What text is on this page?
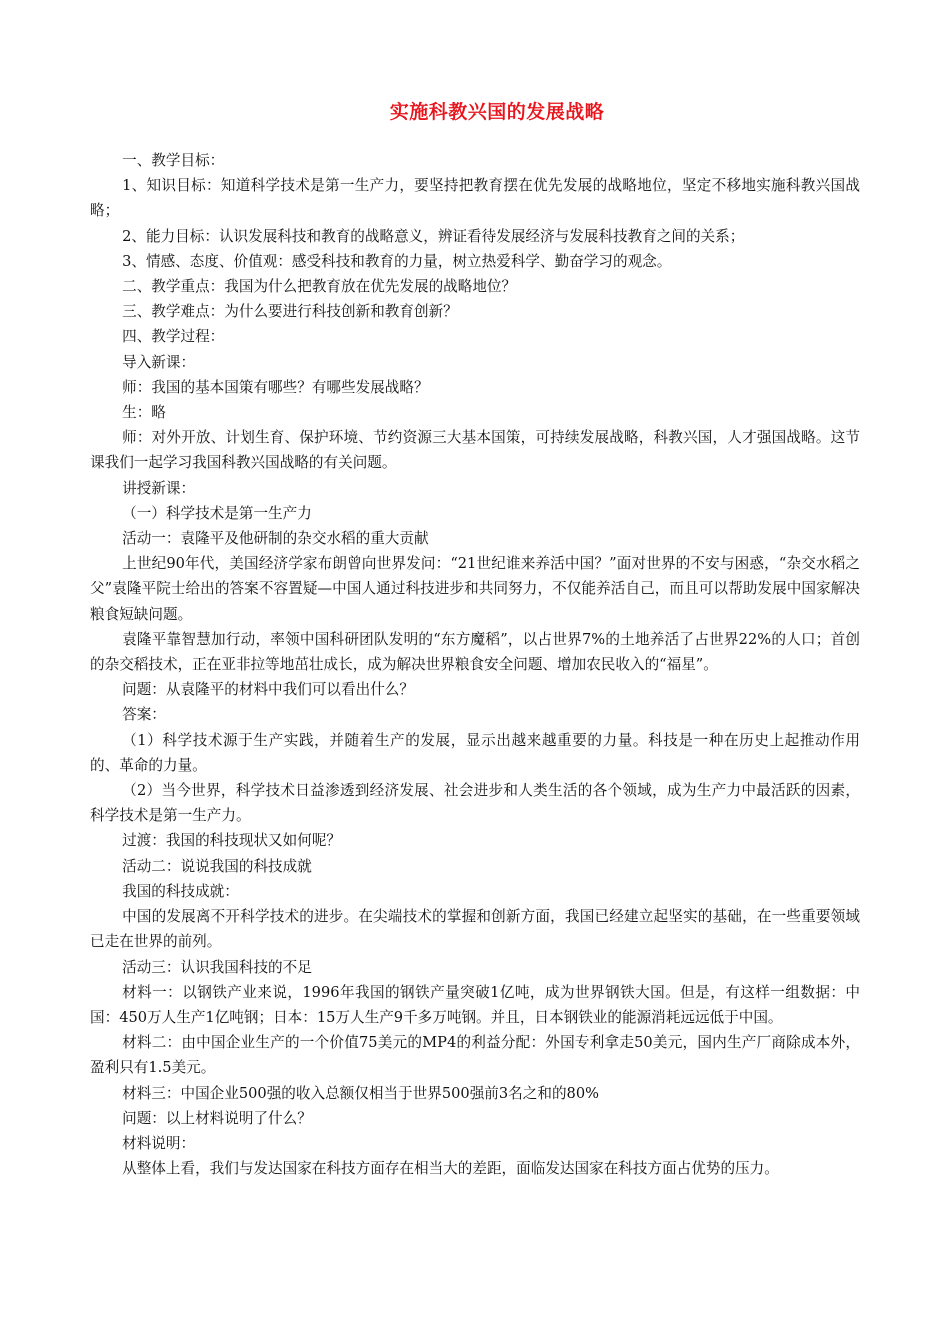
实施科教兴国的发展战略

一、教学目标：

1、知识目标：知道科学技术是第一生产力，要坚持把教育摆在优先发展的战略地位，坚定不移地实施科教兴国战略；

2、能力目标：认识发展科技和教育的战略意义，辨证看待发展经济与发展科技教育之间的关系；

3、情感、态度、价值观：感受科技和教育的力量，树立热爱科学、勤奋学习的观念。

二、教学重点：我国为什么把教育放在优先发展的战略地位？

三、教学难点：为什么要进行科技创新和教育创新？

四、教学过程：

导入新课：

师：我国的基本国策有哪些？有哪些发展战略？

生：略

师：对外开放、计划生育、保护环境、节约资源三大基本国策，可持续发展战略，科教兴国，人才强国战略。这节课我们一起学习我国科教兴国战略的有关问题。

讲授新课：

（一）科学技术是第一生产力

活动一：袁隆平及他研制的杂交水稻的重大贡献

上世纪90年代，美国经济学家布朗曾向世界发问：“21世纪谁来养活中国？”面对世界的不安与困惑，“杂交水稻之父”袁隆平院士给出的答案不容置疑—中国人通过科技进步和共同努力，不仅能养活自己，而且可以帮助发展中国家解决粮食短缺问题。

袁隆平靠智慧加行动，率领中国科研团队发明的“东方魔稻”，以占世界7%的土地养活了占世界22%的人口；首创的杂交稻技术，正在亚非拉等地茁壮成长，成为解决世界粮食安全问题、增加农民收入的“福星”。

问题：从袁隆平的材料中我们可以看出什么？

答案：

（1）科学技术源于生产实践，并随着生产的发展，显示出越来越重要的力量。科技是一种在历史上起推动作用的、革命的力量。

（2）当今世界，科学技术日益渗透到经济发展、社会进步和人类生活的各个领域，成为生产力中最活跃的因素，科学技术是第一生产力。

过渡：我国的科技现状又如何呢？

活动二：说说我国的科技成就

我国的科技成就：

中国的发展离不开科学技术的进步。在尖端技术的掌握和创新方面，我国已经建立起坚实的基础，在一些重要领域已走在世界的前列。

活动三：认识我国科技的不足

材料一：以钢铁产业来说，1996年我国的钢铁产量突破1亿吨，成为世界钢铁大国。但是，有这样一组数据：中国：450万人生产1亿吨钢；日本：15万人生产9千多万吨钢。并且，日本钢铁业的能源消耗远远低于中国。

材料二：由中国企业生产的一个价值75美元的MP4的利益分配：外国专利拿走50美元，国内生产厂商除成本外，盈利只有1.5美元。

材料三：中国企业500强的收入总额仅相当于世界500强前3名之和的80%

问题：以上材料说明了什么？

材料说明：

从整体上看，我们与发达国家在科技方面存在相当大的差距，面临发达国家在科技方面占优势的压力。
